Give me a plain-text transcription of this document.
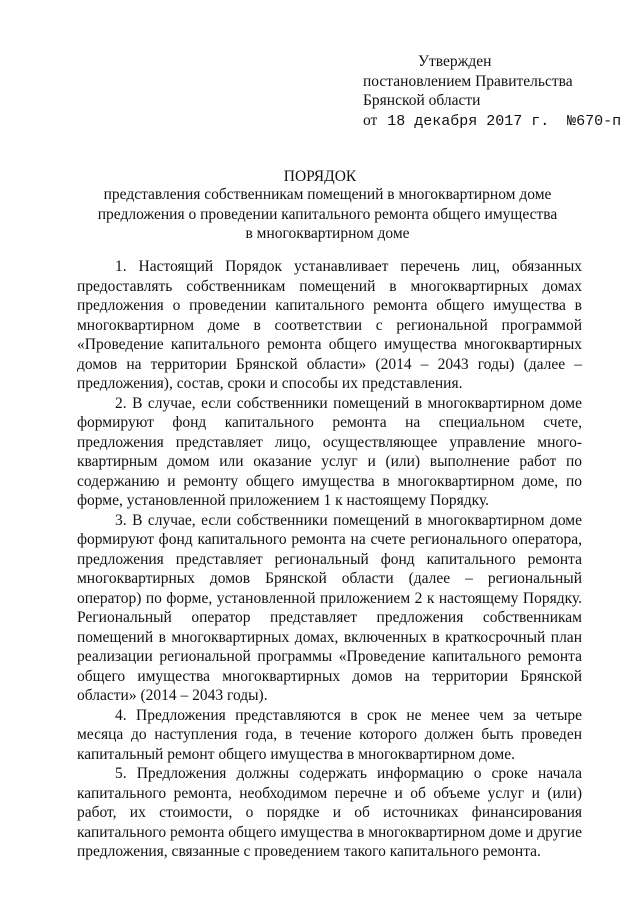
Утвержден
постановлением Правительства
Брянской области
от 18 декабря 2017 г. №670-п
ПОРЯДОК
представления собственникам помещений в многоквартирном доме предложения о проведении капитального ремонта общего имущества в многоквартирном доме

1. Настоящий Порядок устанавливает перечень лиц, обязанных предоставлять собственникам помещений в многоквартирных домах предложения о проведении капитального ремонта общего имущества в многоквартирном доме в соответствии с региональной программой «Проведение капитального ремонта общего имущества многоквартирных домов на территории Брянской области» (2014 – 2043 годы) (далее – предложения), состав, сроки и способы их представления.

2. В случае, если собственники помещений в многоквартирном доме формируют фонд капитального ремонта на специальном счете, предложения представляет лицо, осуществляющее управление много-квартирным домом или оказание услуг и (или) выполнение работ по содержанию и ремонту общего имущества в многоквартирном доме, по форме, установленной приложением 1 к настоящему Порядку.

3. В случае, если собственники помещений в многоквартирном доме формируют фонд капитального ремонта на счете регионального оператора, предложения представляет региональный фонд капитального ремонта многоквартирных домов Брянской области (далее – региональный оператор) по форме, установленной приложением 2 к настоящему Порядку. Региональный оператор представляет предложения собственникам помещений в многоквартирных домах, включенных в краткосрочный план реализации региональной программы «Проведение капитального ремонта общего имущества многоквартирных домов на территории Брянской области» (2014 – 2043 годы).

4. Предложения представляются в срок не менее чем за четыре месяца до наступления года, в течение которого должен быть проведен капитальный ремонт общего имущества в многоквартирном доме.

5. Предложения должны содержать информацию о сроке начала капитального ремонта, необходимом перечне и об объеме услуг и (или) работ, их стоимости, о порядке и об источниках финансирования капитального ремонта общего имущества в многоквартирном доме и другие предложения, связанные с проведением такого капитального ремонта.
